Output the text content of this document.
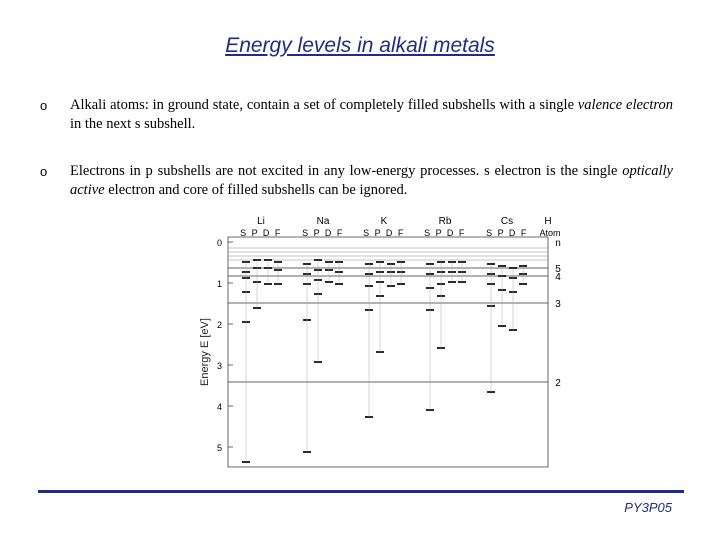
Energy levels in alkali metals
o Alkali atoms: in ground state, contain a set of completely filled subshells with a single valence electron in the next s subshell.
o Electrons in p subshells are not excited in any low-energy processes. s electron is the single optically active electron and core of filled subshells can be ignored.
Energy E [eV]
0
1
2
3
4
5
Li
S P D F
Na
S P D F
K
S P D F
Rb
S P D F
Cs
S P D F
H
Atom
n
5
4
3
2
PY3P05
